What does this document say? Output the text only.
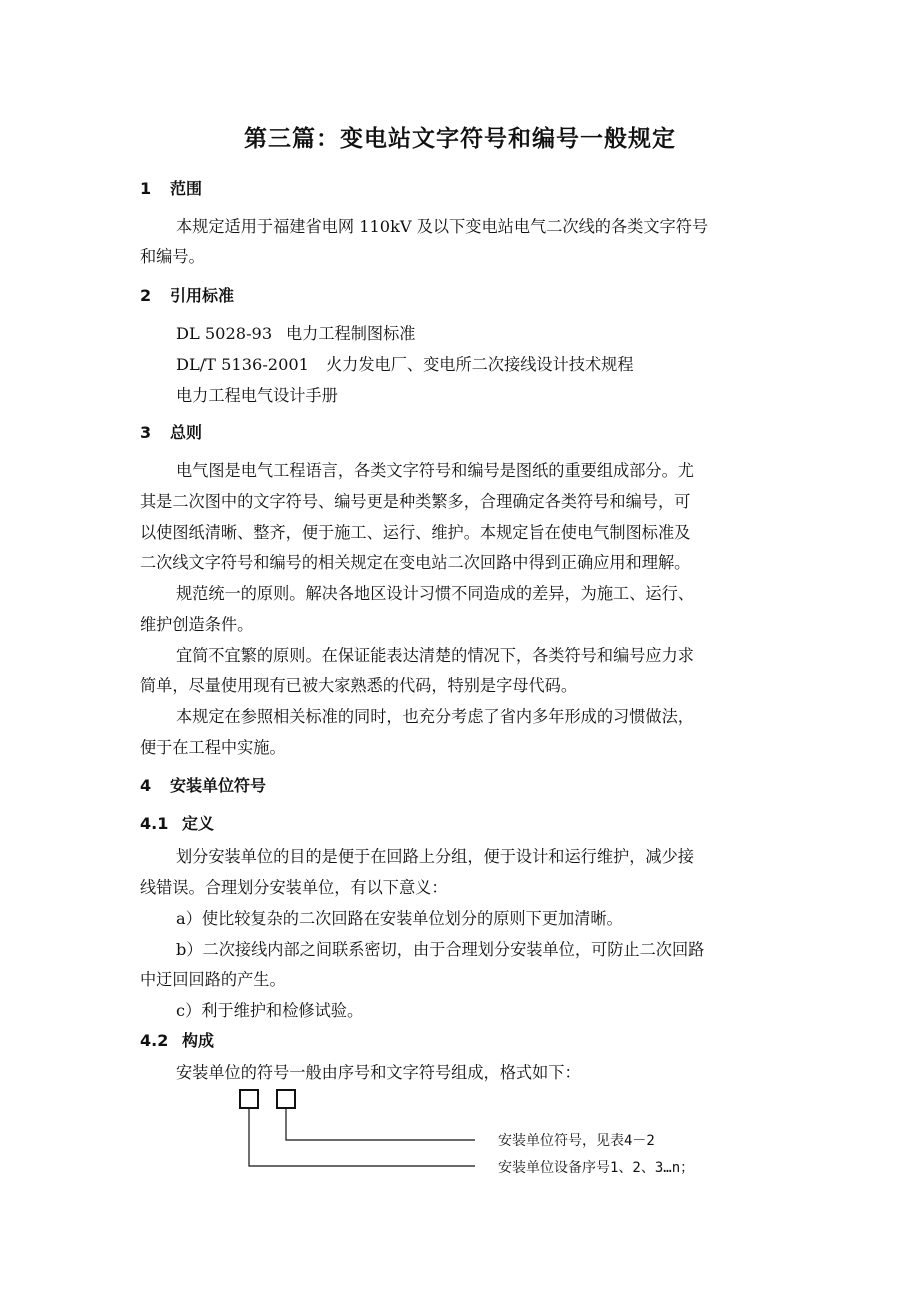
第三篇：变电站文字符号和编号一般规定
1 范围
本规定适用于福建省电网 110kV 及以下变电站电气二次线的各类文字符号
和编号。
2 引用标准
DL 5028-93 电力工程制图标准
DL/T 5136-2001 火力发电厂、变电所二次接线设计技术规程
电力工程电气设计手册
3 总则
电气图是电气工程语言，各类文字符号和编号是图纸的重要组成部分。尤
其是二次图中的文字符号、编号更是种类繁多，合理确定各类符号和编号，可
以使图纸清晰、整齐，便于施工、运行、维护。本规定旨在使电气制图标准及
二次线文字符号和编号的相关规定在变电站二次回路中得到正确应用和理解。
规范统一的原则。解决各地区设计习惯不同造成的差异，为施工、运行、
维护创造条件。
宜简不宜繁的原则。在保证能表达清楚的情况下，各类符号和编号应力求
简单，尽量使用现有已被大家熟悉的代码，特别是字母代码。
本规定在参照相关标准的同时，也充分考虑了省内多年形成的习惯做法，
便于在工程中实施。
4 安装单位符号
4.1 定义
划分安装单位的目的是便于在回路上分组，便于设计和运行维护，减少接
线错误。合理划分安装单位，有以下意义：
a）使比较复杂的二次回路在安装单位划分的原则下更加清晰。
b）二次接线内部之间联系密切，由于合理划分安装单位，可防止二次回路
中迂回回路的产生。
c）利于维护和检修试验。
4.2 构成
安装单位的符号一般由序号和文字符号组成，格式如下：
安装单位符号，见表4－2
安装单位设备序号1、2、3…n；
